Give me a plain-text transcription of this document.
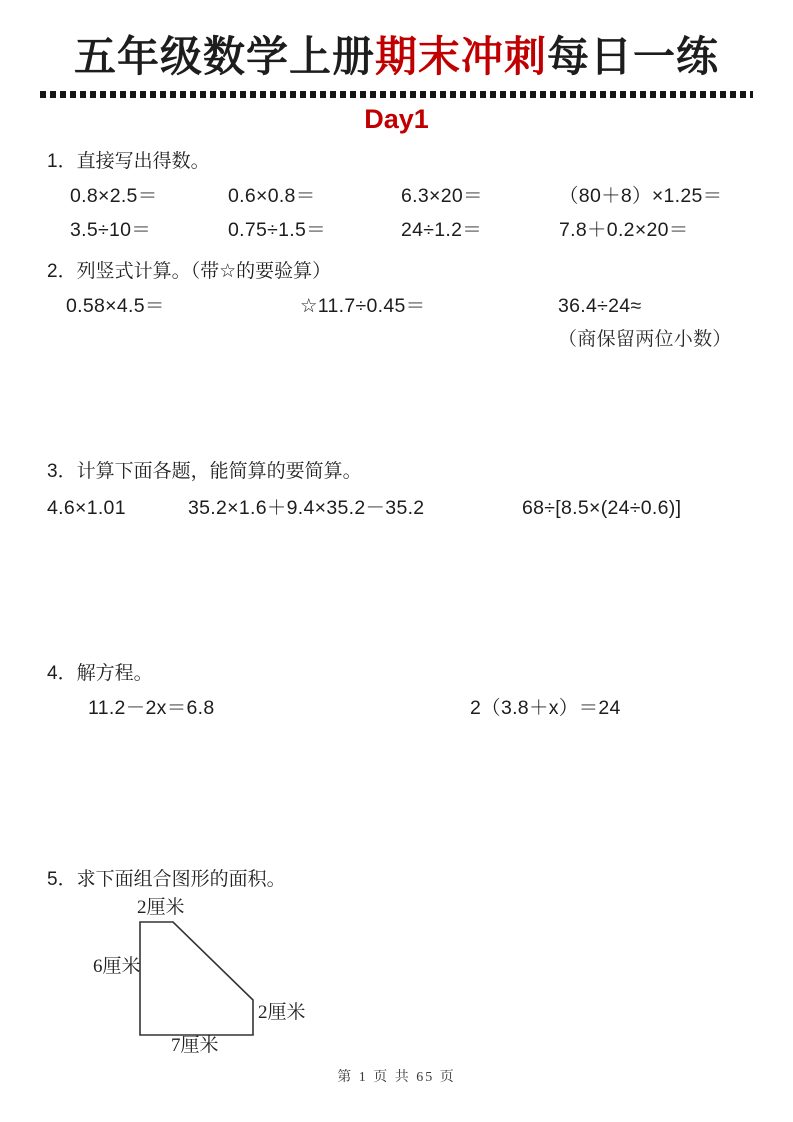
五年级数学上册期末冲刺每日一练
Day1
1．直接写出得数。
0.8×2.5＝	0.6×0.8＝	6.3×20＝	（80＋8）×1.25＝
3.5÷10＝	0.75÷1.5＝	24÷1.2＝	7.8＋0.2×20＝
2．列竖式计算。（带☆的要验算）
0.58×4.5＝	☆11.7÷0.45＝	36.4÷24≈
（商保留两位小数）
3．计算下面各题，能简算的要简算。
4.6×1.01	35.2×1.6＋9.4×35.2－35.2	68÷[8.5×(24÷0.6)]
4．解方程。
11.2－2x＝6.8	2（3.8＋x）＝24
5．求下面组合图形的面积。
2厘米
6厘米
2厘米
7厘米
第 1 页 共 65 页
